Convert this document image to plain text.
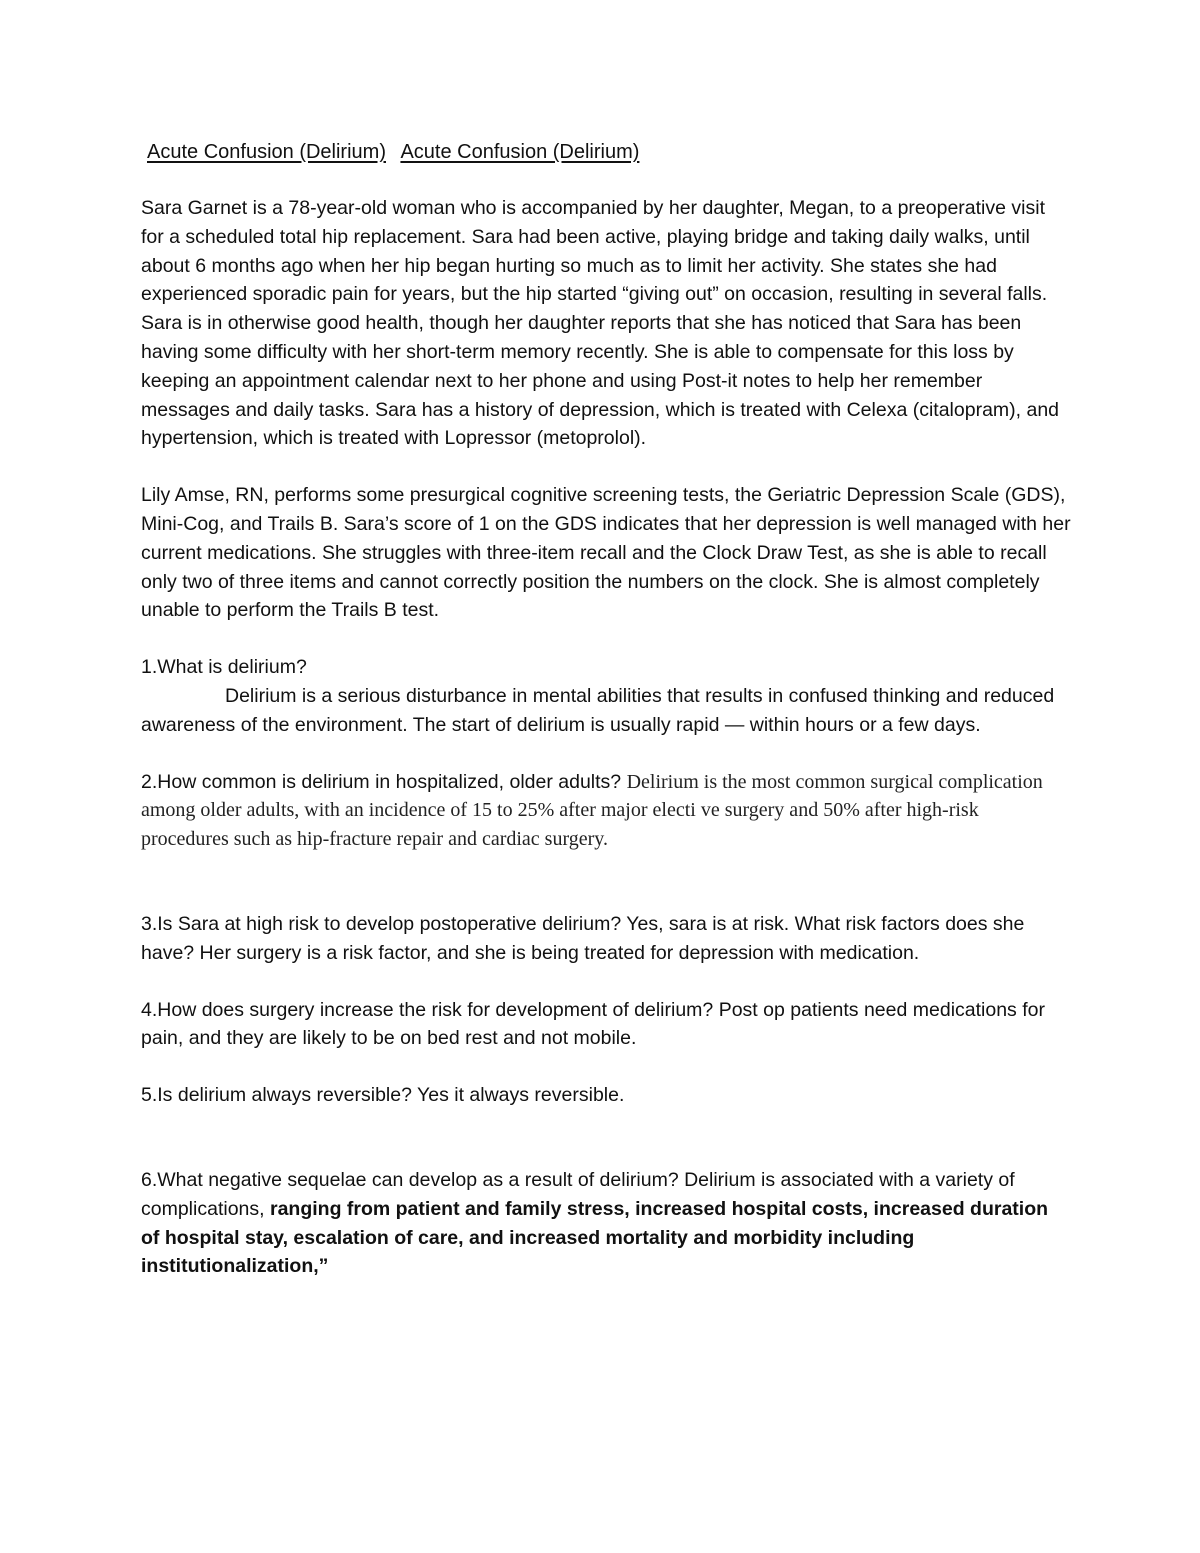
Acute Confusion (Delirium) Acute Confusion (Delirium)

Sara Garnet is a 78-year-old woman who is accompanied by her daughter, Megan, to a preoperative visit for a scheduled total hip replacement. Sara had been active, playing bridge and taking daily walks, until about 6 months ago when her hip began hurting so much as to limit her activity. She states she had experienced sporadic pain for years, but the hip started “giving out” on occasion, resulting in several falls. Sara is in otherwise good health, though her daughter reports that she has noticed that Sara has been having some difficulty with her short-term memory recently. She is able to compensate for this loss by keeping an appointment calendar next to her phone and using Post-it notes to help her remember messages and daily tasks. Sara has a history of depression, which is treated with Celexa (citalopram), and hypertension, which is treated with Lopressor (metoprolol).

Lily Amse, RN, performs some presurgical cognitive screening tests, the Geriatric Depression Scale (GDS), Mini-Cog, and Trails B. Sara’s score of 1 on the GDS indicates that her depression is well managed with her current medications. She struggles with three-item recall and the Clock Draw Test, as she is able to recall only two of three items and cannot correctly position the numbers on the clock. She is almost completely unable to perform the Trails B test.

1.What is delirium?

Delirium is a serious disturbance in mental abilities that results in confused thinking and reduced awareness of the environment. The start of delirium is usually rapid — within hours or a few days.

2.How common is delirium in hospitalized, older adults? Delirium is the most common surgical complication among older adults, with an incidence of 15 to 25% after major electi ve surgery and 50% after high-risk procedures such as hip-fracture repair and cardiac surgery.

3.Is Sara at high risk to develop postoperative delirium? Yes, sara is at risk. What risk factors does she have? Her surgery is a risk factor, and she is being treated for depression with medication.

4.How does surgery increase the risk for development of delirium? Post op patients need medications for pain, and they are likely to be on bed rest and not mobile.

5.Is delirium always reversible? Yes it always reversible.

6.What negative sequelae can develop as a result of delirium? Delirium is associated with a variety of complications, ranging from patient and family stress, increased hospital costs, increased duration of hospital stay, escalation of care, and increased mortality and morbidity including institutionalization,”
